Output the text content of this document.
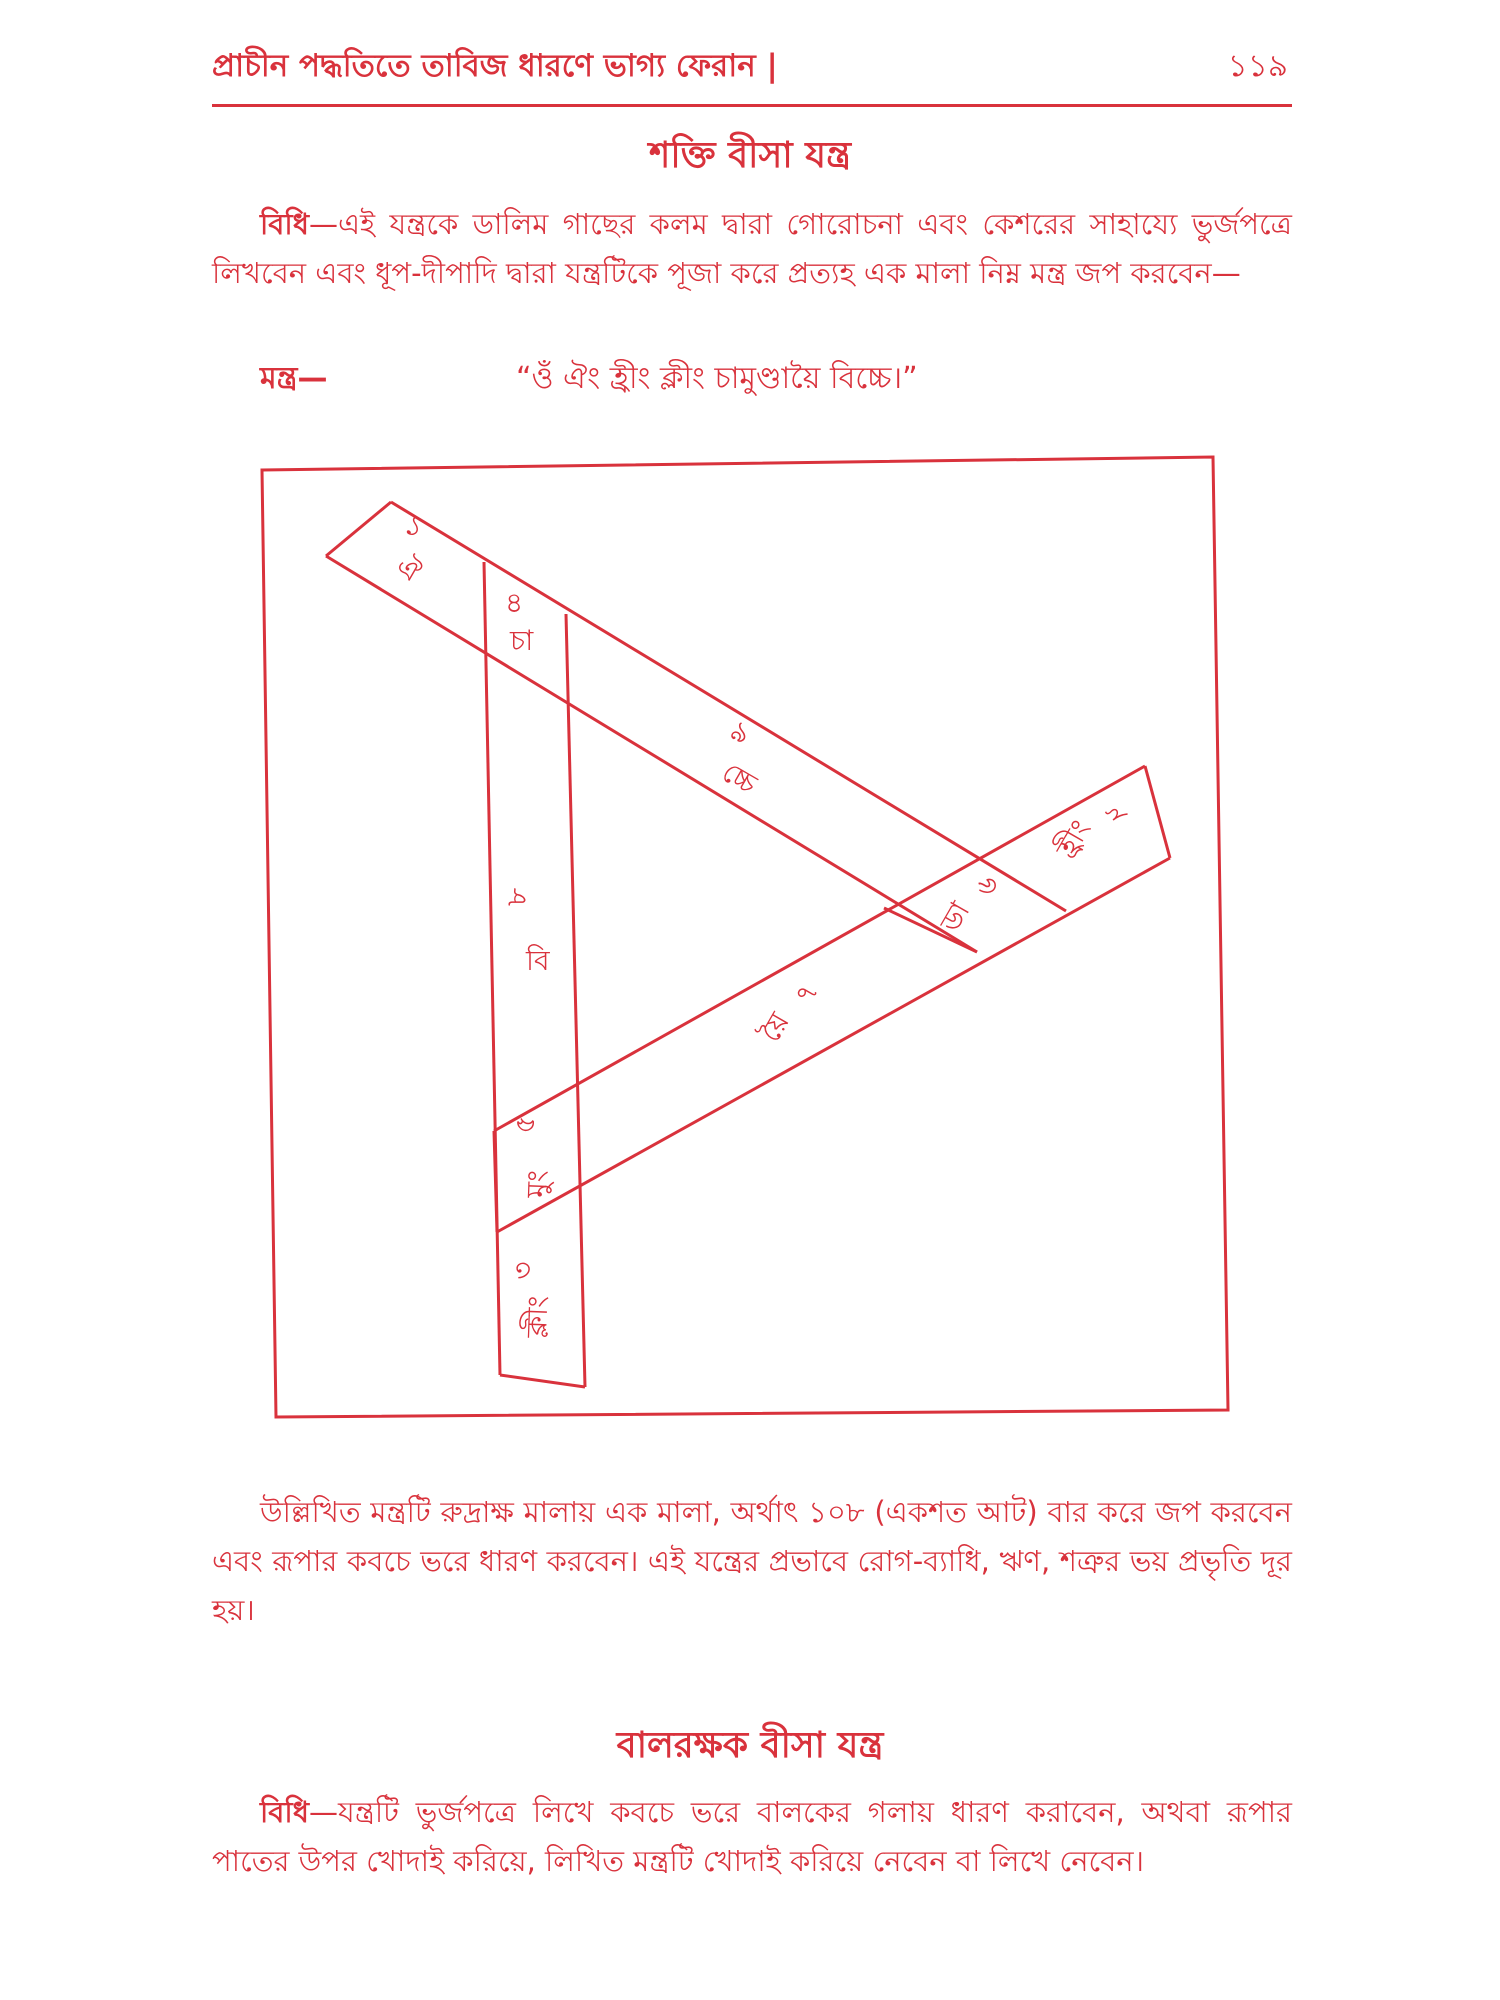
প্রাচীন পদ্ধতিতে তাবিজ ধারণে ভাগ্য ফেরান |	১১৯
শক্তি বীসা যন্ত্র
বিধি—এই যন্ত্রকে ডালিম গাছের কলম দ্বারা গোরোচনা এবং কেশরের সাহায্যে ভুর্জপত্রে লিখবেন এবং ধূপ-দীপাদি দ্বারা যন্ত্রটিকে পূজা করে প্রত্যহ এক মালা নিম্ন মন্ত্র জপ করবেন—
মন্ত্র—	“ওঁ ঐং হ্রীং ক্লীং চামুণ্ডায়ৈ বিচ্চে।”
১
ঐ
২
হ্রীং
৩
ক্লীং
৪
চা
৫
মুং
৬
ডা
৭
য়ৈ
৮
বি
৯
চ্চে
উল্লিখিত মন্ত্রটি রুদ্রাক্ষ মালায় এক মালা, অর্থাৎ ১০৮ (একশত আট) বার করে জপ করবেন এবং রূপার কবচে ভরে ধারণ করবেন। এই যন্ত্রের প্রভাবে রোগ-ব্যাধি, ঋণ, শত্রুর ভয় প্রভৃতি দূর হয়।
বালরক্ষক বীসা যন্ত্র
বিধি—যন্ত্রটি ভুর্জপত্রে লিখে কবচে ভরে বালকের গলায় ধারণ করাবেন, অথবা রূপার পাতের উপর খোদাই করিয়ে, লিখিত মন্ত্রটি খোদাই করিয়ে নেবেন বা লিখে নেবেন।
